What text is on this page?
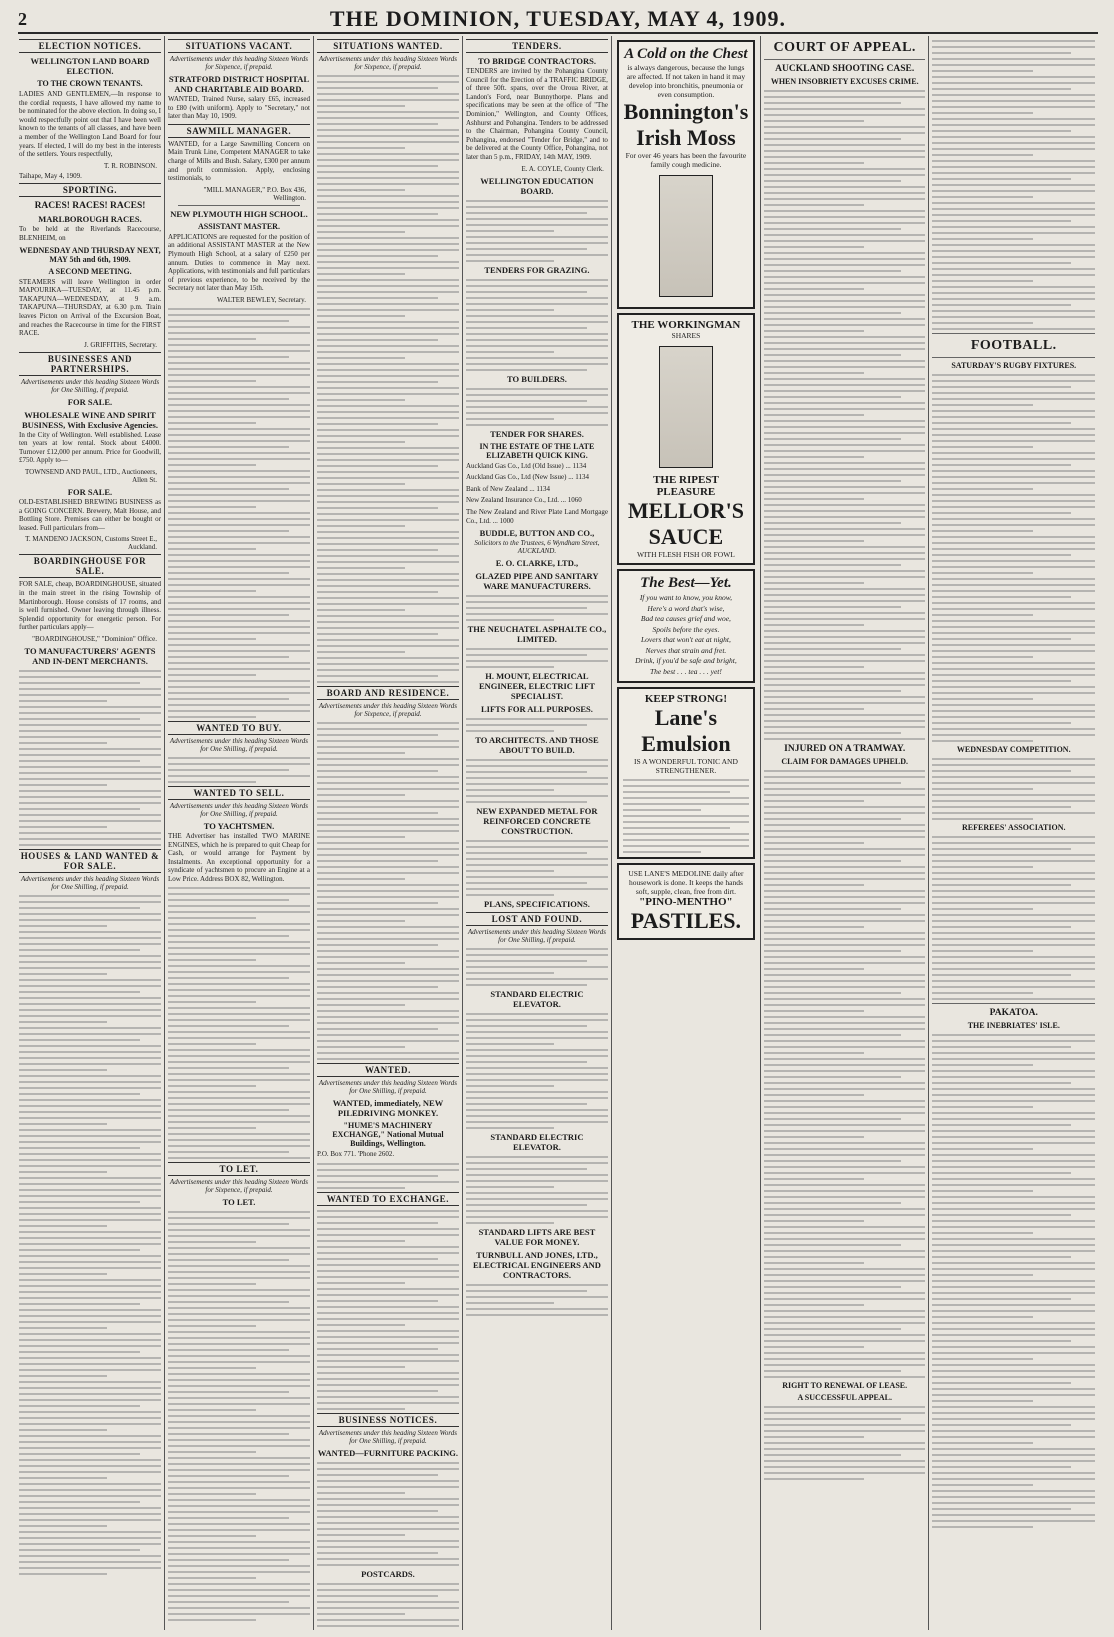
2	THE DOMINION, TUESDAY, MAY 4, 1909.
ELECTION NOTICES.
WELLINGTON LAND BOARD ELECTION.
TO THE CROWN TENANTS.

LADIES AND GENTLEMEN,—In response to the cordial requests, I have allowed my name to be nominated for the above election. In doing so, I would respectfully point out that I have been well known to the tenants of all classes, and have been a member of the Wellington Land Board for four years. If elected, I will do my best in the interests of the settlers. Yours respectfully,

T. R. ROBINSON.
Taihape, May 4, 1909.
SPORTING.
RACES! RACES! RACES!
MARLBOROUGH RACES.

To be held at the Riverlands Racecourse, BLENHEIM, on

WEDNESDAY AND THURSDAY NEXT, MAY 5th and 6th, 1909.
A SECOND MEETING.

STEAMERS will leave Wellington in order MAPOURIKA—TUESDAY, at 11.45 p.m. TAKAPUNA—WEDNESDAY, at 9 a.m. TAKAPUNA—THURSDAY, at 6.30 p.m. Train leaves Picton on Arrival of the Excursion Boat, and reaches the Racecourse in time for the FIRST RACE.

J. GRIFFITHS, Secretary.
BUSINESSES AND PARTNERSHIPS.
Advertisements under this heading Sixteen Words for One Shilling, if prepaid.
FOR SALE.
WHOLESALE WINE AND SPIRIT BUSINESS, With Exclusive Agencies.

In the City of Wellington. Well established. Lease ten years at low rental. Stock about £4000. Turnover £12,000 per annum. Price for Goodwill, £750. Apply to—

TOWNSEND AND PAUL, LTD., Auctioneers, Allen St.
FOR SALE.

OLD-ESTABLISHED BREWING BUSINESS as a GOING CONCERN. Brewery, Malt House, and Bottling Store. Premises can either be bought or leased. Full particulars from—

T. MANDENO JACKSON, Customs Street E., Auckland.
BOARDINGHOUSE FOR SALE.

FOR SALE, cheap, BOARDINGHOUSE, situated in the main street in the rising Township of Martinborough. House consists of 17 rooms, and is well furnished. Owner leaving through illness. Splendid opportunity for energetic person. For further particulars apply—

"BOARDINGHOUSE," "Dominion" Office.
TO MANUFACTURERS' AGENTS AND IN-DENT MERCHANTS.
HOUSES & LAND WANTED & FOR SALE.
Advertisements under this heading Sixteen Words for One Shilling, if prepaid.
SITUATIONS VACANT.
Advertisements under this heading Sixteen Words for Sixpence, if prepaid.
STRATFORD DISTRICT HOSPITAL AND CHARITABLE AID BOARD.

WANTED, Trained Nurse, salary £65, increased to £80 (with uniform). Apply to "Secretary," not later than May 10, 1909.

SAWMILL MANAGER.

WANTED, for a Large Sawmilling Concern on Main Trunk Line, Competent MANAGER to take charge of Mills and Bush. Salary, £300 per annum and profit commission. Apply, enclosing testimonials, to

"MILL MANAGER," P.O. Box 436, Wellington.
NEW PLYMOUTH HIGH SCHOOL.
ASSISTANT MASTER.

APPLICATIONS are requested for the position of an additional ASSISTANT MASTER at the New Plymouth High School, at a salary of £250 per annum. Duties to commence in May next. Applications, with testimonials and full particulars of previous experience, to be received by the Secretary not later than May 15th.

WALTER BEWLEY, Secretary.
WANTED TO BUY.
Advertisements under this heading Sixteen Words for One Shilling, if prepaid.
WANTED TO SELL.
Advertisements under this heading Sixteen Words for One Shilling, if prepaid.
TO YACHTSMEN.

THE Advertiser has installed TWO MARINE ENGINES, which he is prepared to quit Cheap for Cash, or would arrange for Payment by Instalments. An exceptional opportunity for a syndicate of yachtsmen to procure an Engine at a Low Price. Address BOX 82, Wellington.

TO LET.
Advertisements under this heading Sixteen Words for Sixpence, if prepaid.
TO LET.
SITUATIONS WANTED.
Advertisements under this heading Sixteen Words for Sixpence, if prepaid.
BOARD AND RESIDENCE.
Advertisements under this heading Sixteen Words for Sixpence, if prepaid.
WANTED.
Advertisements under this heading Sixteen Words for One Shilling, if prepaid.
WANTED, immediately, NEW PILEDRIVING MONKEY.
"HUME'S MACHINERY EXCHANGE," National Mutual Buildings, Wellington.
P.O. Box 771. 'Phone 2602.
WANTED TO EXCHANGE.
BUSINESS NOTICES.
Advertisements under this heading Sixteen Words for One Shilling, if prepaid.
WANTED—FURNITURE PACKING.
POSTCARDS.
TENDERS.
TO BRIDGE CONTRACTORS.

TENDERS are invited by the Pohangina County Council for the Erection of a TRAFFIC BRIDGE, of three 50ft. spans, over the Oroua River, at Landon's Ford, near Bunnythorpe. Plans and specifications may be seen at the office of "The Dominion," Wellington, and County Offices, Ashhurst and Pohangina. Tenders to be addressed to the Chairman, Pohangina County Council, Pohangina, endorsed "Tender for Bridge," and to be delivered at the County Office, Pohangina, not later than 5 p.m., FRIDAY, 14th MAY, 1909.

E. A. COYLE, County Clerk.
WELLINGTON EDUCATION BOARD.
TENDERS FOR GRAZING.
TO BUILDERS.
TENDER FOR SHARES.
IN THE ESTATE OF THE LATE ELIZABETH QUICK KING.
Auckland Gas Co., Ltd (Old Issue) ... 1134
Auckland Gas Co., Ltd (New Issue) ... 1134
Bank of New Zealand ... 1134
New Zealand Insurance Co., Ltd. ... 1060
The New Zealand and River Plate Land Mortgage Co., Ltd. ... 1000
BUDDLE, BUTTON AND CO.,
Solicitors to the Trustees, 6 Wyndham Street, AUCKLAND.
E. O. CLARKE, LTD.,
GLAZED PIPE AND SANITARY WARE MANUFACTURERS.
THE NEUCHATEL ASPHALTE CO., LIMITED.
H. MOUNT, ELECTRICAL ENGINEER, ELECTRIC LIFT SPECIALIST.
LIFTS FOR ALL PURPOSES.
TO ARCHITECTS. AND THOSE ABOUT TO BUILD.
NEW EXPANDED METAL FOR REINFORCED CONCRETE CONSTRUCTION.
PLANS, SPECIFICATIONS.
LOST AND FOUND.
Advertisements under this heading Sixteen Words for One Shilling, if prepaid.
STANDARD ELECTRIC ELEVATOR.
STANDARD ELECTRIC ELEVATOR.
STANDARD LIFTS ARE BEST VALUE FOR MONEY.
TURNBULL AND JONES, LTD., ELECTRICAL ENGINEERS AND CONTRACTORS.
A Cold on the Chest
is always dangerous, because the lungs are affected. If not taken in hand it may develop into bronchitis, pneumonia or even consumption.
Bonnington's
Irish Moss
For over 46 years has been the favourite family cough medicine.
THE WORKINGMAN
SHARES
THE RIPEST PLEASURE
MELLOR'S SAUCE
WITH FLESH FISH OR FOWL
The Best—Yet.
If you want to know, you know,
Here's a word that's wise,
Bad tea causes grief and woe,
Spoils before the eyes.
Lovers that won't eat at night,
Nerves that strain and fret.
Drink, if you'd be safe and bright,
The best . . . tea . . . yet!
KEEP STRONG!
Lane's Emulsion
IS A WONDERFUL TONIC AND STRENGTHENER.
USE LANE'S MEDOLINE daily after housework is done. It keeps the hands soft, supple, clean, free from dirt.
"PINO-MENTHO"
PASTILES.
COURT OF APPEAL.
AUCKLAND SHOOTING CASE.
WHEN INSOBRIETY EXCUSES CRIME.
INJURED ON A TRAMWAY.
CLAIM FOR DAMAGES UPHELD.
RIGHT TO RENEWAL OF LEASE.
A SUCCESSFUL APPEAL.
FOOTBALL.
SATURDAY'S RUGBY FIXTURES.
WEDNESDAY COMPETITION.
REFEREES' ASSOCIATION.
PAKATOA.
THE INEBRIATES' ISLE.
